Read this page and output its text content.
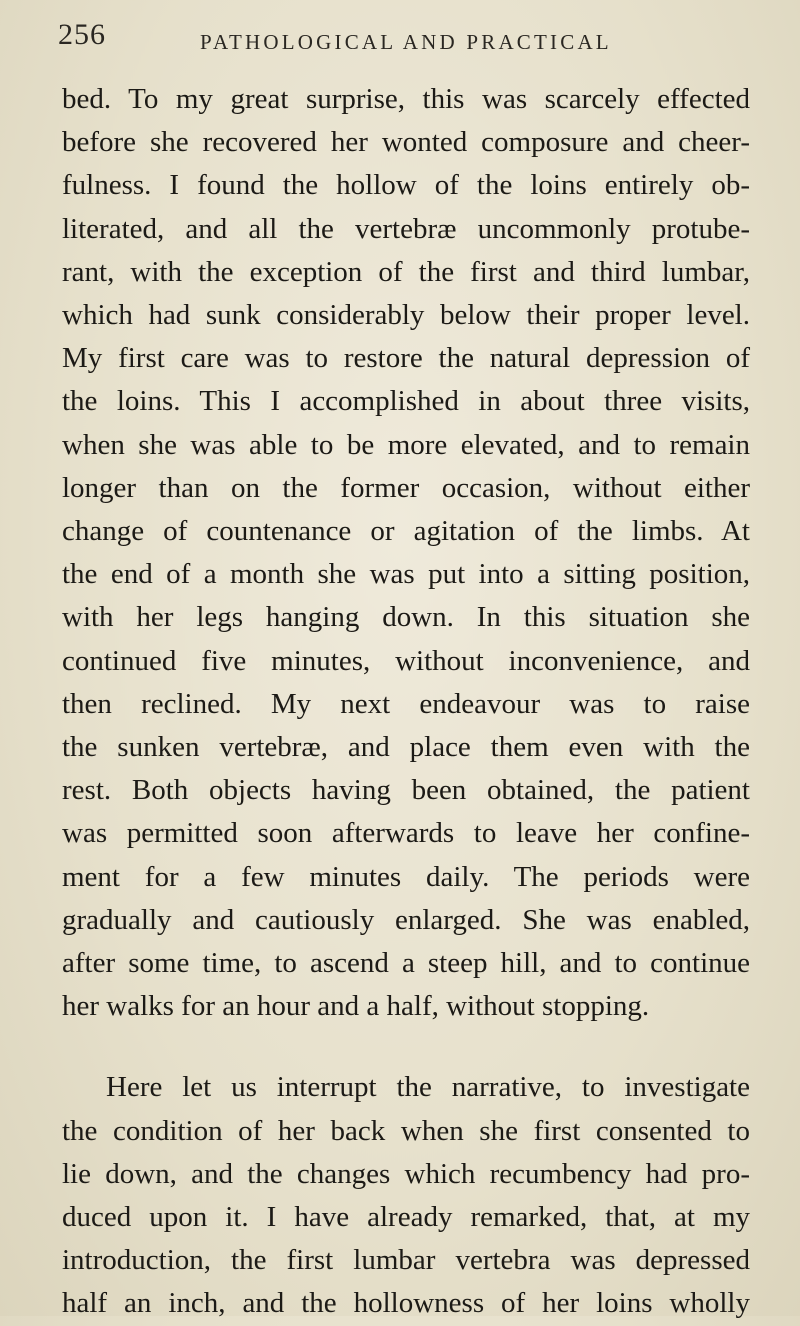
256	PATHOLOGICAL AND PRACTICAL

bed. To my great surprise, this was scarcely effected
before she recovered her wonted composure and cheer-
fulness. I found the hollow of the loins entirely ob-
literated, and all the vertebræ uncommonly protube-
rant, with the exception of the first and third lumbar,
which had sunk considerably below their proper level.
My first care was to restore the natural depression of
the loins. This I accomplished in about three visits,
when she was able to be more elevated, and to remain
longer than on the former occasion, without either
change of countenance or agitation of the limbs. At
the end of a month she was put into a sitting position,
with her legs hanging down. In this situation she
continued five minutes, without inconvenience, and
then reclined. My next endeavour was to raise
the sunken vertebræ, and place them even with the
rest. Both objects having been obtained, the patient
was permitted soon afterwards to leave her confine-
ment for a few minutes daily. The periods were
gradually and cautiously enlarged. She was enabled,
after some time, to ascend a steep hill, and to continue
her walks for an hour and a half, without stopping.

Here let us interrupt the narrative, to investigate
the condition of her back when she first consented to
lie down, and the changes which recumbency had pro-
duced upon it. I have already remarked, that, at my
introduction, the first lumbar vertebra was depressed
half an inch, and the hollowness of her loins wholly
